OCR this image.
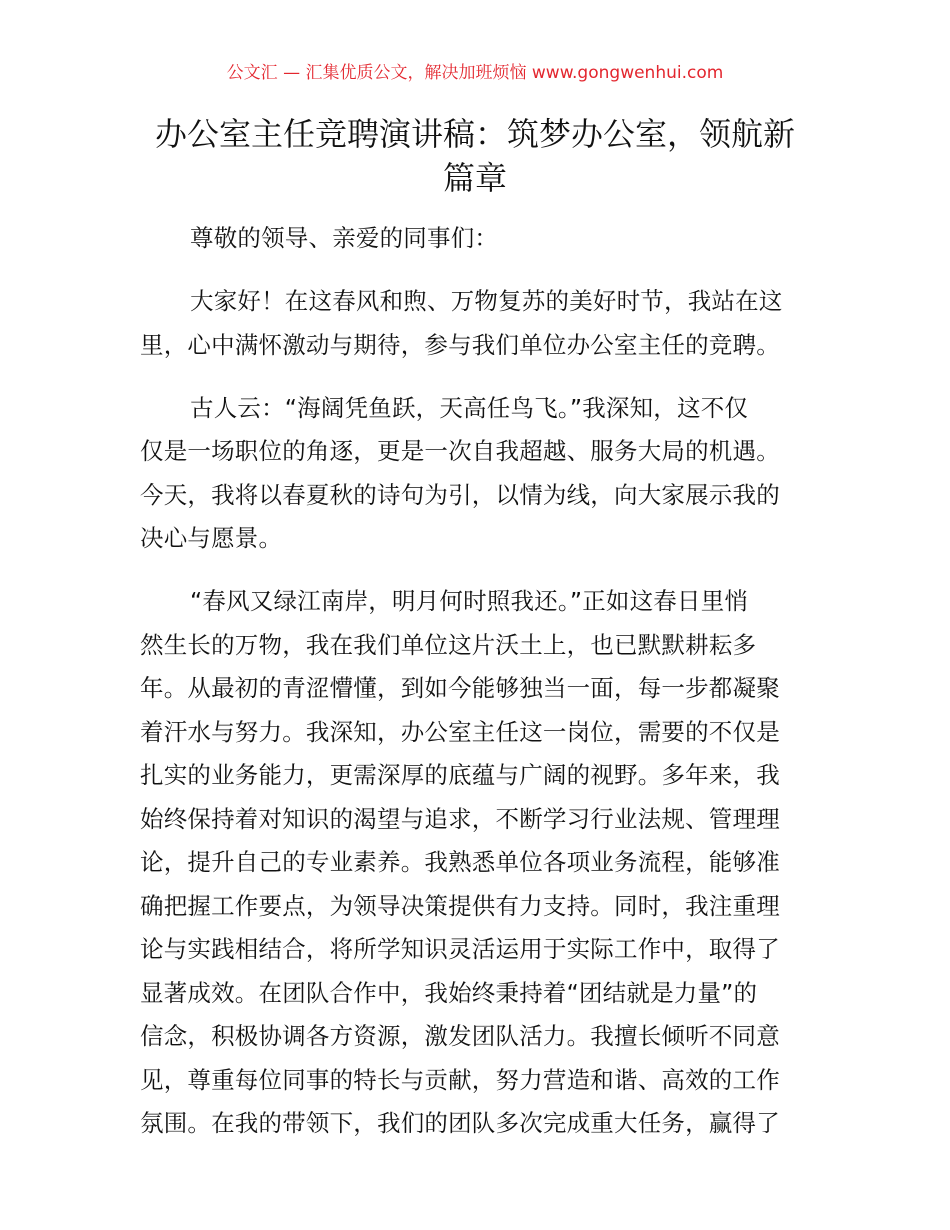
公文汇 — 汇集优质公文，解决加班烦恼 www.gongwenhui.com
办公室主任竞聘演讲稿：筑梦办公室，领航新
篇章
尊敬的领导、亲爱的同事们：
大家好！在这春风和煦、万物复苏的美好时节，我站在这
里，心中满怀激动与期待，参与我们单位办公室主任的竞聘。
古人云：“海阔凭鱼跃，天高任鸟飞。”我深知，这不仅
仅是一场职位的角逐，更是一次自我超越、服务大局的机遇。
今天，我将以春夏秋的诗句为引，以情为线，向大家展示我的
决心与愿景。
“春风又绿江南岸，明月何时照我还。”正如这春日里悄
然生长的万物，我在我们单位这片沃土上，也已默默耕耘多
年。从最初的青涩懵懂，到如今能够独当一面，每一步都凝聚
着汗水与努力。我深知，办公室主任这一岗位，需要的不仅是
扎实的业务能力，更需深厚的底蕴与广阔的视野。多年来，我
始终保持着对知识的渴望与追求，不断学习行业法规、管理理
论，提升自己的专业素养。我熟悉单位各项业务流程，能够准
确把握工作要点，为领导决策提供有力支持。同时，我注重理
论与实践相结合，将所学知识灵活运用于实际工作中，取得了
显著成效。在团队合作中，我始终秉持着“团结就是力量”的
信念，积极协调各方资源，激发团队活力。我擅长倾听不同意
见，尊重每位同事的特长与贡献，努力营造和谐、高效的工作
氛围。在我的带领下，我们的团队多次完成重大任务，赢得了
